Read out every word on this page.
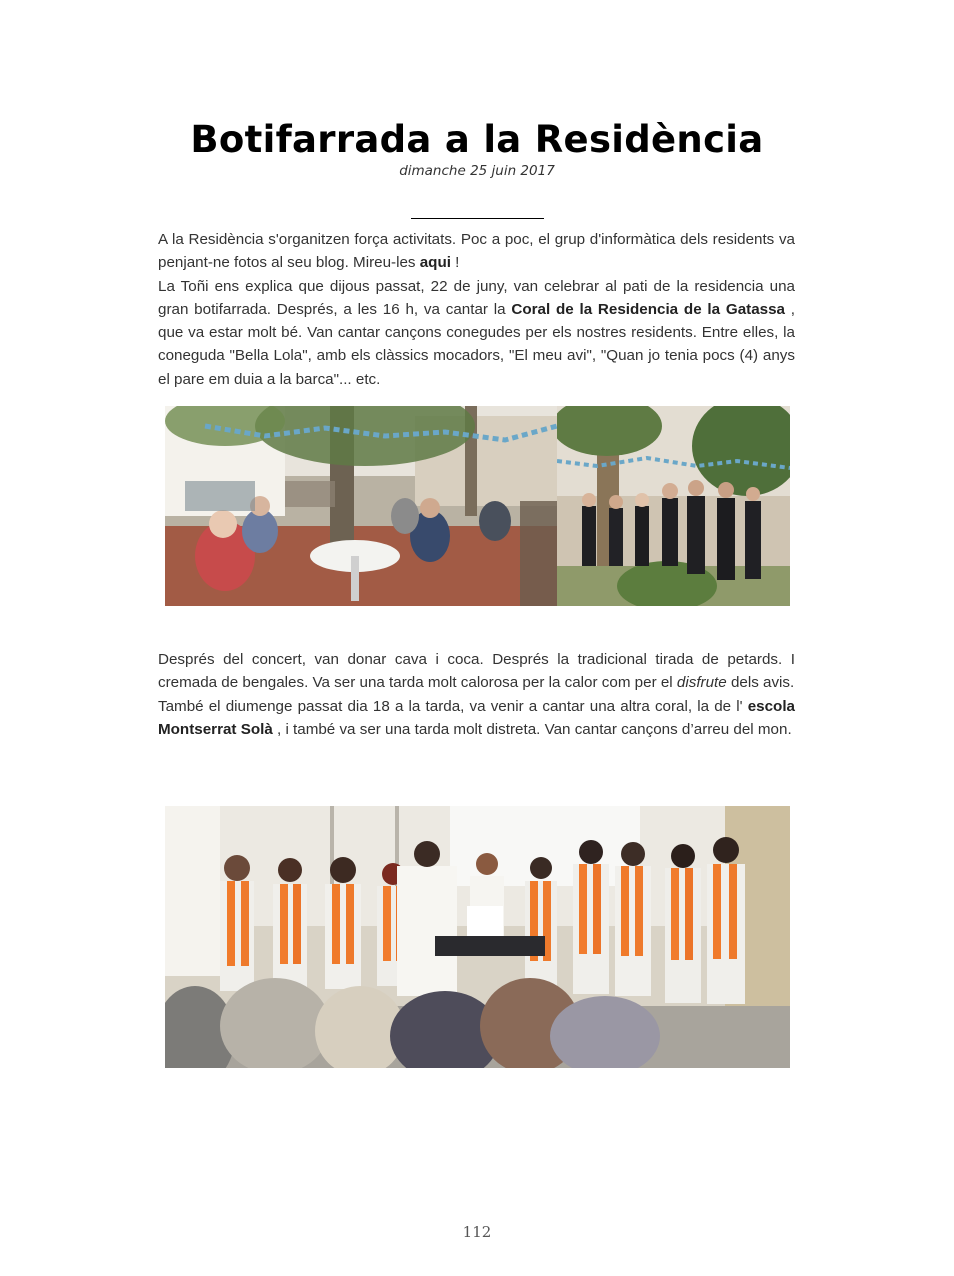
Botifarrada a la Residència
dimanche 25 juin 2017
A la Residència s'organitzen força activitats. Poc a poc, el grup d'informàtica dels residents va penjant-ne fotos al seu blog. Mireu-les aqui !
La Toñi ens explica que dijous passat, 22 de juny, van celebrar al pati de la residencia una gran botifarrada. Després, a les 16 h, va cantar la Coral de la Residencia de la Gatassa , que va estar molt bé. Van cantar cançons conegudes per els nostres residents. Entre elles, la coneguda "Bella Lola", amb els clàssics mocadors, "El meu avi", "Quan jo tenia pocs (4) anys el pare em duia a la barca"... etc.
Després del concert, van donar cava i coca. Després la tradicional tirada de petards. I cremada de bengales. Va ser una tarda molt calorosa per la calor com per el disfrute dels avis.
També el diumenge passat dia 18 a la tarda, va venir a cantar una altra coral, la de l' escola Montserrat Solà , i també va ser una tarda molt distreta. Van cantar cançons d’arreu del mon.
112
